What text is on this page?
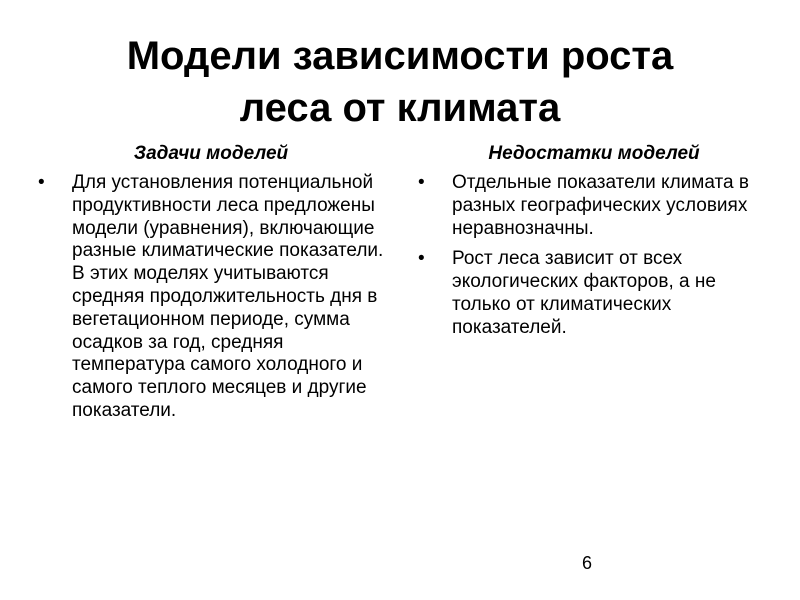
Модели зависимости роста
леса от климата
Задачи моделей
•	Для установления потенциальной продуктивности леса предложены модели (уравнения), включающие разные климатические показатели. В этих моделях учитываются средняя продолжительность дня в вегетационном периоде, сумма осадков за год, средняя температура самого холодного и самого теплого месяцев и другие показатели.
Недостатки моделей
•	Отдельные показатели климата в разных географических условиях неравнозначны.
•	Рост леса зависит от всех экологических факторов, а не только от климатических показателей.
6
